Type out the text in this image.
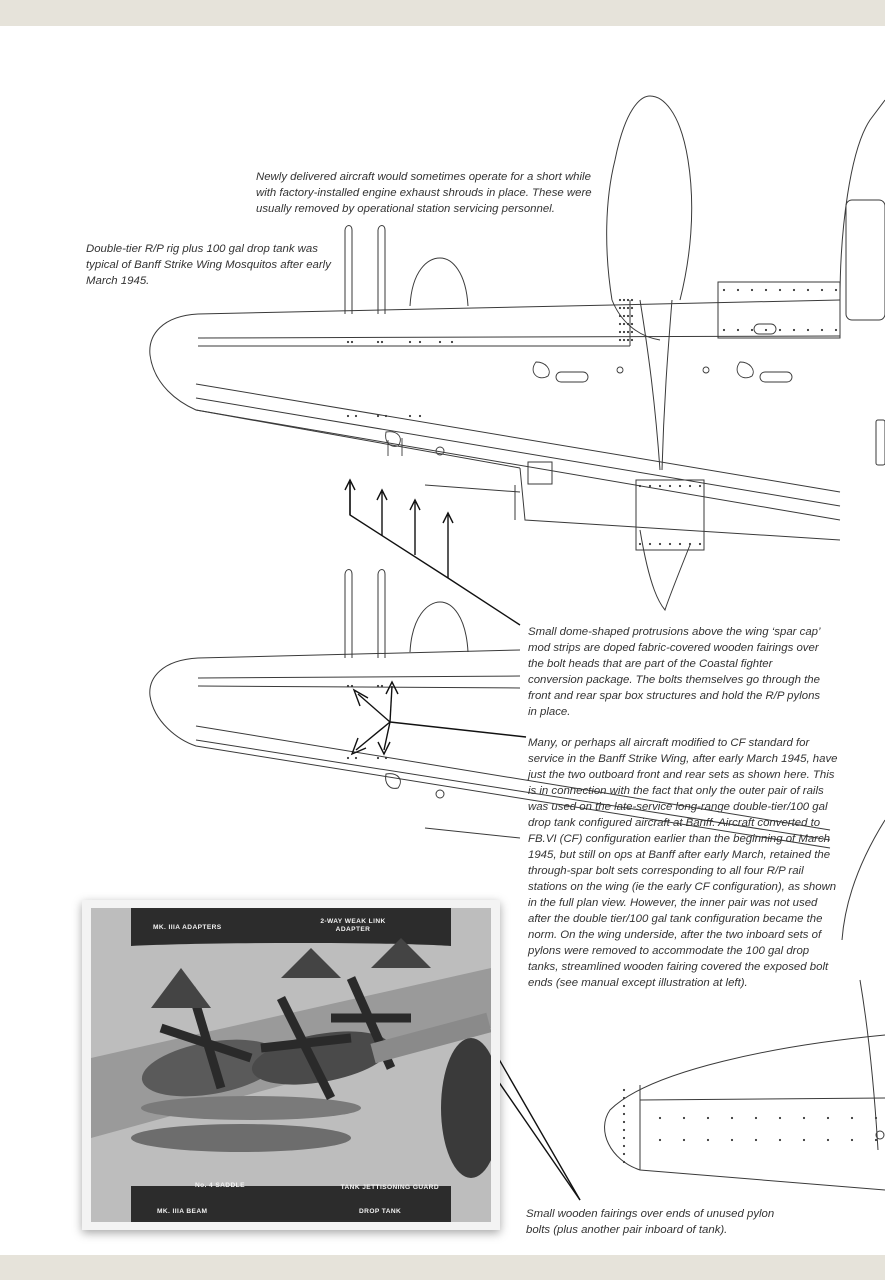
Newly delivered aircraft would sometimes operate for a short while with factory-installed engine exhaust shrouds in place. These were usually removed by operational station servicing personnel.

Double-tier R/P rig plus 100 gal drop tank was typical of Banff Strike Wing Mosquitos after early March 1945.

Small dome-shaped protrusions above the wing ‘spar cap’ mod strips are doped fabric-covered wooden fairings over the bolt heads that are part of the Coastal fighter conversion package. The bolts themselves go through the front and rear spar box structures and hold the R/P pylons in place.

Many, or perhaps all aircraft modified to CF standard for service in the Banff Strike Wing, after early March 1945, have just the two outboard front and rear sets as shown here. This is in connection with the fact that only the outer pair of rails was used on the late-service long-range double-tier/100 gal drop tank configured aircraft at Banff. Aircraft converted to FB.VI (CF) configuration earlier than the beginning of March 1945, but still on ops at Banff after early March, retained the through-spar bolt sets corresponding to all four R/P rail stations on the wing (ie the early CF configuration), as shown in the full plan view. However, the inner pair was not used after the double tier/100 gal tank configuration became the norm. On the wing underside, after the two inboard sets of pylons were removed to accommodate the 100 gal drop tanks, streamlined wooden fairing covered the exposed bolt ends (see manual except illustration at left).

Small wooden fairings over ends of unused pylon bolts (plus another pair inboard of tank).

MK. IIIA ADAPTERS
2-WAY WEAK LINK ADAPTER
No. 4 SADDLE	TANK JETTISONING GUARD
MK. IIIA BEAM	DROP TANK
